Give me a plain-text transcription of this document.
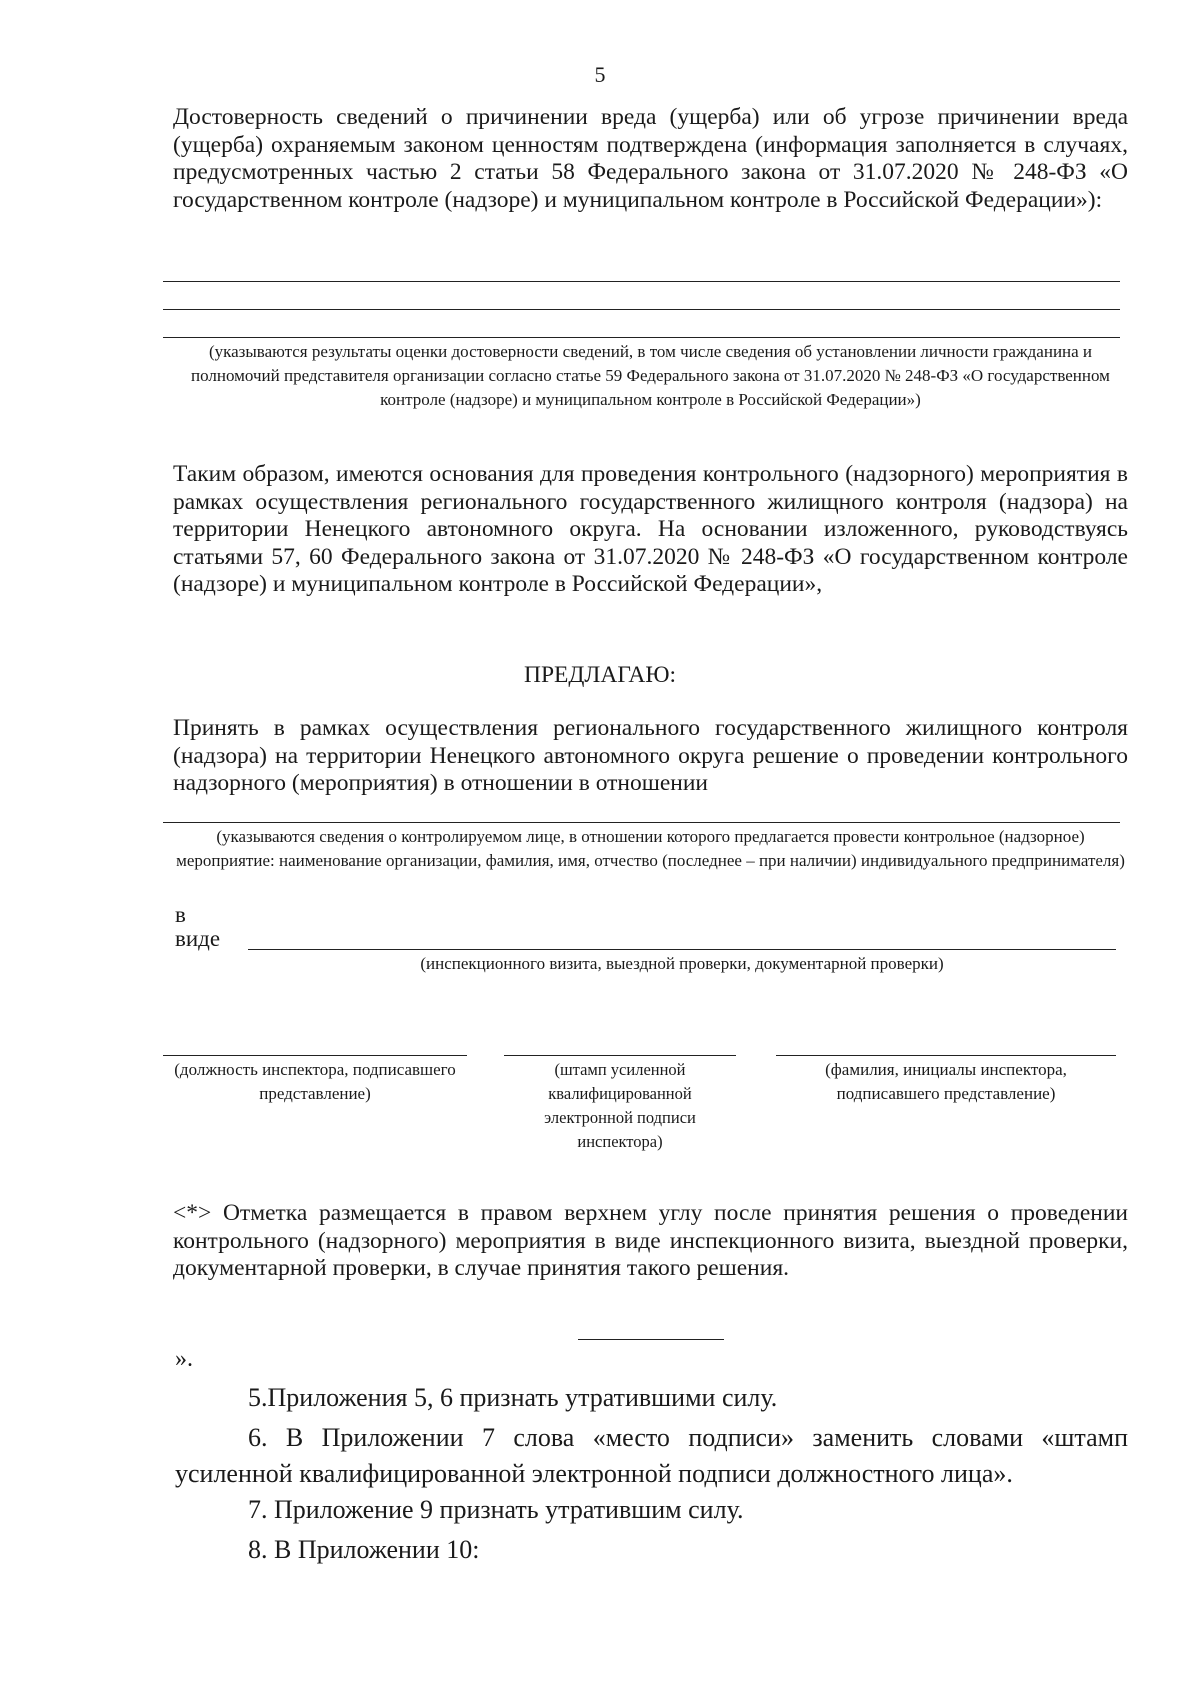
5
Достоверность сведений о причинении вреда (ущерба) или об угрозе причинении вреда (ущерба) охраняемым законом ценностям подтверждена (информация заполняется в случаях, предусмотренных частью 2 статьи 58 Федерального закона от 31.07.2020 № 248-ФЗ «О государственном контроле (надзоре) и муниципальном контроле в Российской Федерации»):
(указываются результаты оценки достоверности сведений, в том числе сведения об установлении личности гражданина и полномочий представителя организации согласно статье 59 Федерального закона от 31.07.2020 № 248-ФЗ «О государственном контроле (надзоре) и муниципальном контроле в Российской Федерации»)
Таким образом, имеются основания для проведения контрольного (надзорного) мероприятия в рамках осуществления регионального государственного жилищного контроля (надзора) на территории Ненецкого автономного округа. На основании изложенного, руководствуясь статьями 57, 60 Федерального закона от 31.07.2020 № 248-ФЗ «О государственном контроле (надзоре) и муниципальном контроле в Российской Федерации»,
ПРЕДЛАГАЮ:
Принять в рамках осуществления регионального государственного жилищного контроля (надзора) на территории Ненецкого автономного округа решение о проведении контрольного надзорного (мероприятия) в отношении в отношении
(указываются сведения о контролируемом лице, в отношении которого предлагается провести контрольное (надзорное) мероприятие: наименование организации, фамилия, имя, отчество (последнее – при наличии) индивидуального предпринимателя)
в
виде
(инспекционного визита, выездной проверки, документарной проверки)
(должность инспектора, подписавшего представление)
(штамп усиленной квалифицированной электронной подписи инспектора)
(фамилия, инициалы инспектора, подписавшего представление)
<*> Отметка размещается в правом верхнем углу после принятия решения о проведении контрольного (надзорного) мероприятия в виде инспекционного визита, выездной проверки, документарной проверки, в случае принятия такого решения.
».
5.Приложения 5, 6 признать утратившими силу.
6. В Приложении 7 слова «место подписи» заменить словами «штамп усиленной квалифицированной электронной подписи должностного лица».
7. Приложение 9 признать утратившим силу.
8. В Приложении 10:
